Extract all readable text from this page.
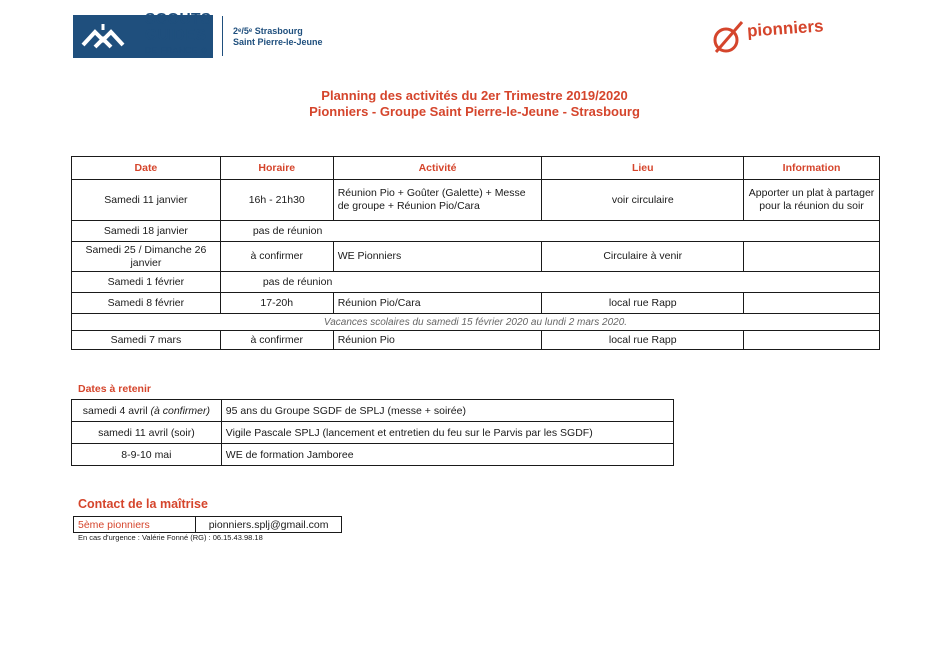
SCOUTS
GUIDES
DE FRANCE ⊕
2ᵉ/5ᵉ Strasbourg
Saint Pierre-le-Jeune
pionniers
Planning des activités du 2er Trimestre 2019/2020
Pionniers - Groupe Saint Pierre-le-Jeune - Strasbourg
Date	Horaire	Activité	Lieu	Information
Samedi 11 janvier	16h - 21h30	Réunion Pio + Goûter (Galette) + Messe de groupe + Réunion Pio/Cara	voir circulaire	Apporter un plat à partager pour la réunion du soir
Samedi 18 janvier	pas de réunion			
Samedi 25 / Dimanche 26 janvier	à confirmer	WE Pionniers	Circulaire à venir	
Samedi 1 février	pas de réunion			
Samedi 8 février	17-20h	Réunion Pio/Cara	local rue Rapp	
Vacances scolaires du samedi 15 février 2020 au lundi 2 mars 2020.				
Samedi 7 mars	à confirmer	Réunion Pio	local rue Rapp	
Dates à retenir
samedi 4 avril (à confirmer)	95 ans du Groupe SGDF de SPLJ (messe + soirée)
samedi 11 avril (soir)	Vigile Pascale SPLJ (lancement et entretien du feu sur le Parvis par les SGDF)
8-9-10 mai	WE de formation Jamboree
Contact de la maîtrise
5ème pionniers	pionniers.splj@gmail.com
En cas d'urgence : Valérie Fonné (RG) : 06.15.43.98.18
